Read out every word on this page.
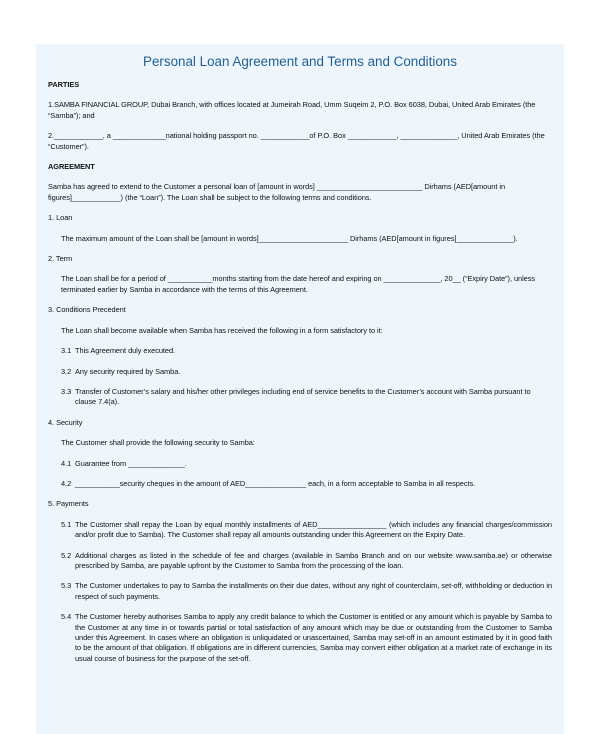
Personal Loan Agreement and Terms and Conditions
PARTIES

1.SAMBA FINANCIAL GROUP, Dubai Branch, with offices located at Jumeirah Road, Umm Suqeim 2, P.O. Box 6038, Dubai, United Arab Emirates (the “Samba”); and

2.____________, a _____________national holding passport no. ____________of P.O. Box ____________, ______________, United Arab Emirates (the “Customer”).

AGREEMENT

Samba has agreed to extend to the Customer a personal loan of [amount in words] __________________________ Dirhams (AED[amount in figures]____________) (the “Loan”). The Loan shall be subject to the following terms and conditions.

1. Loan

The maximum amount of the Loan shall be [amount in words]______________________ Dirhams (AED[amount in figures]______________).

2. Term

The Loan shall be for a period of ___________months starting from the date hereof and expiring on ______________, 20__ (“Expiry Date”), unless terminated earlier by Samba in accordance with the terms of this Agreement.

3. Conditions Precedent

The Loan shall become available when Samba has received the following in a form satisfactory to it:

3.1 This Agreement duly executed.
3.2 Any security required by Samba.
3.3 Transfer of Customer’s salary and his/her other privileges including end of service benefits to the Customer’s account with Samba pursuant to clause 7.4(a).
4. Security

The Customer shall provide the following security to Samba:

4.1 Guarantee from ______________.
4.2 ___________security cheques in the amount of AED_______________ each, in a form acceptable to Samba in all respects.
5. Payments
5.1 The Customer shall repay the Loan by equal monthly installments of AED_________________ (which includes any financial charges/commission and/or profit due to Samba). The Customer shall repay all amounts outstanding under this Agreement on the Expiry Date.
5.2 Additional charges as listed in the schedule of fee and charges (available in Samba Branch and on our website www.samba.ae) or otherwise prescribed by Samba, are payable upfront by the Customer to Samba from the processing of the loan.
5.3 The Customer undertakes to pay to Samba the installments on their due dates, without any right of counterclaim, set-off, withholding or deduction in respect of such payments.
5.4 The Customer hereby authorises Samba to apply any credit balance to which the Customer is entitled or any amount which is payable by Samba to the Customer at any time in or towards partial or total satisfaction of any amount which may be due or outstanding from the Customer to Samba under this Agreement. In cases where an obligation is unliquidated or unascertained, Samba may set-off in an amount estimated by it in good faith to be the amount of that obligation. If obligations are in different currencies, Samba may convert either obligation at a market rate of exchange in its usual course of business for the purpose of the set-off.
